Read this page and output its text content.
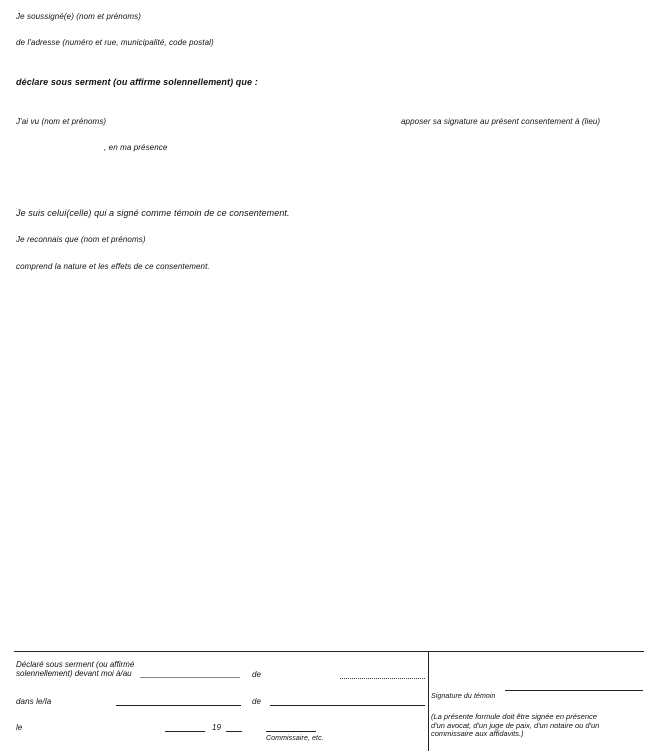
Je soussigné(e) (nom et prénoms)
de l'adresse (numéro et rue, municipalité, code postal)
déclare sous serment (ou affirme solennellement) que :
J'ai vu (nom et prénoms)	apposer sa signature au présent consentement à (lieu)
, en ma présence
Je suis celui(celle) qui a signé comme témoin de ce consentement.
Je reconnais que (nom et prénoms)
comprend la nature et les effets de ce consentement.
Déclaré sous serment (ou affirmé
solennellement) devant moi à/au	de
dans le/la	de
le	19
Commissaire, etc.
Signature du témoin
(La présente formule doit être signée en présence
d'un avocat, d'un juge de paix, d'un notaire ou d'un
commissaire aux affidavits.)
